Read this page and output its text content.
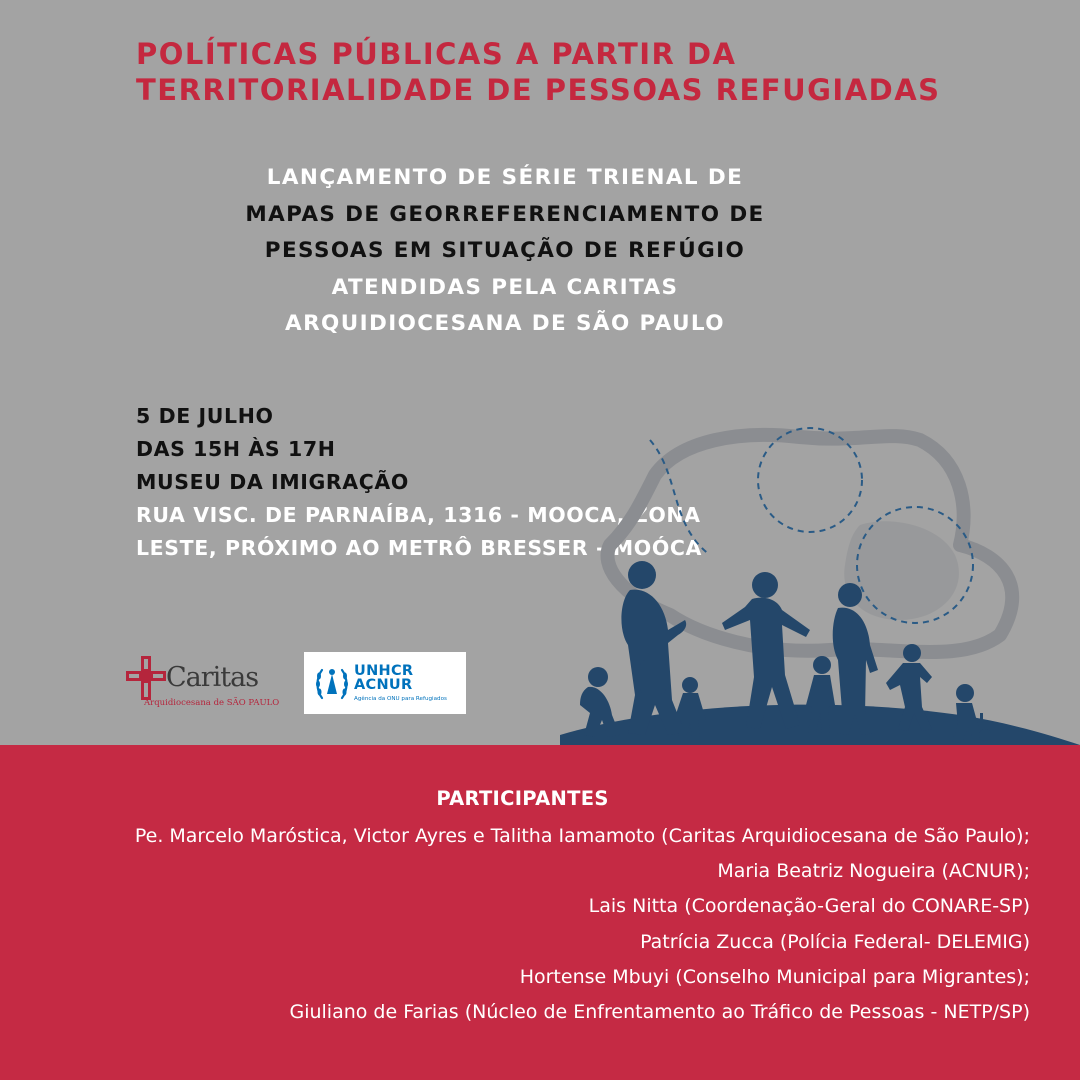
POLÍTICAS PÚBLICAS A PARTIR DA
TERRITORIALIDADE DE PESSOAS REFUGIADAS
LANÇAMENTO DE SÉRIE TRIENAL DE
MAPAS DE GEORREFERENCIAMENTO DE
PESSOAS EM SITUAÇÃO DE REFÚGIO
ATENDIDAS PELA CARITAS
ARQUIDIOCESANA DE SÃO PAULO
5 DE JULHO
DAS 15H ÀS 17H
MUSEU DA IMIGRAÇÃO
RUA VISC. DE PARNAÍBA, 1316 - MOOCA, ZONA
LESTE, PRÓXIMO AO METRÔ BRESSER - MOÓCA
Caritas
Arquidiocesana de SÃO PAULO
UNHCR
ACNUR
Agência da ONU para Refugiados
PARTICIPANTES
Pe. Marcelo Maróstica, Victor Ayres e Talitha Iamamoto (Caritas Arquidiocesana de São Paulo);
Maria Beatriz Nogueira (ACNUR);
Lais Nitta (Coordenação-Geral do CONARE-SP)
Patrícia Zucca (Polícia Federal- DELEMIG)
Hortense Mbuyi (Conselho Municipal para Migrantes);
Giuliano de Farias (Núcleo de Enfrentamento ao Tráfico de Pessoas - NETP/SP)
